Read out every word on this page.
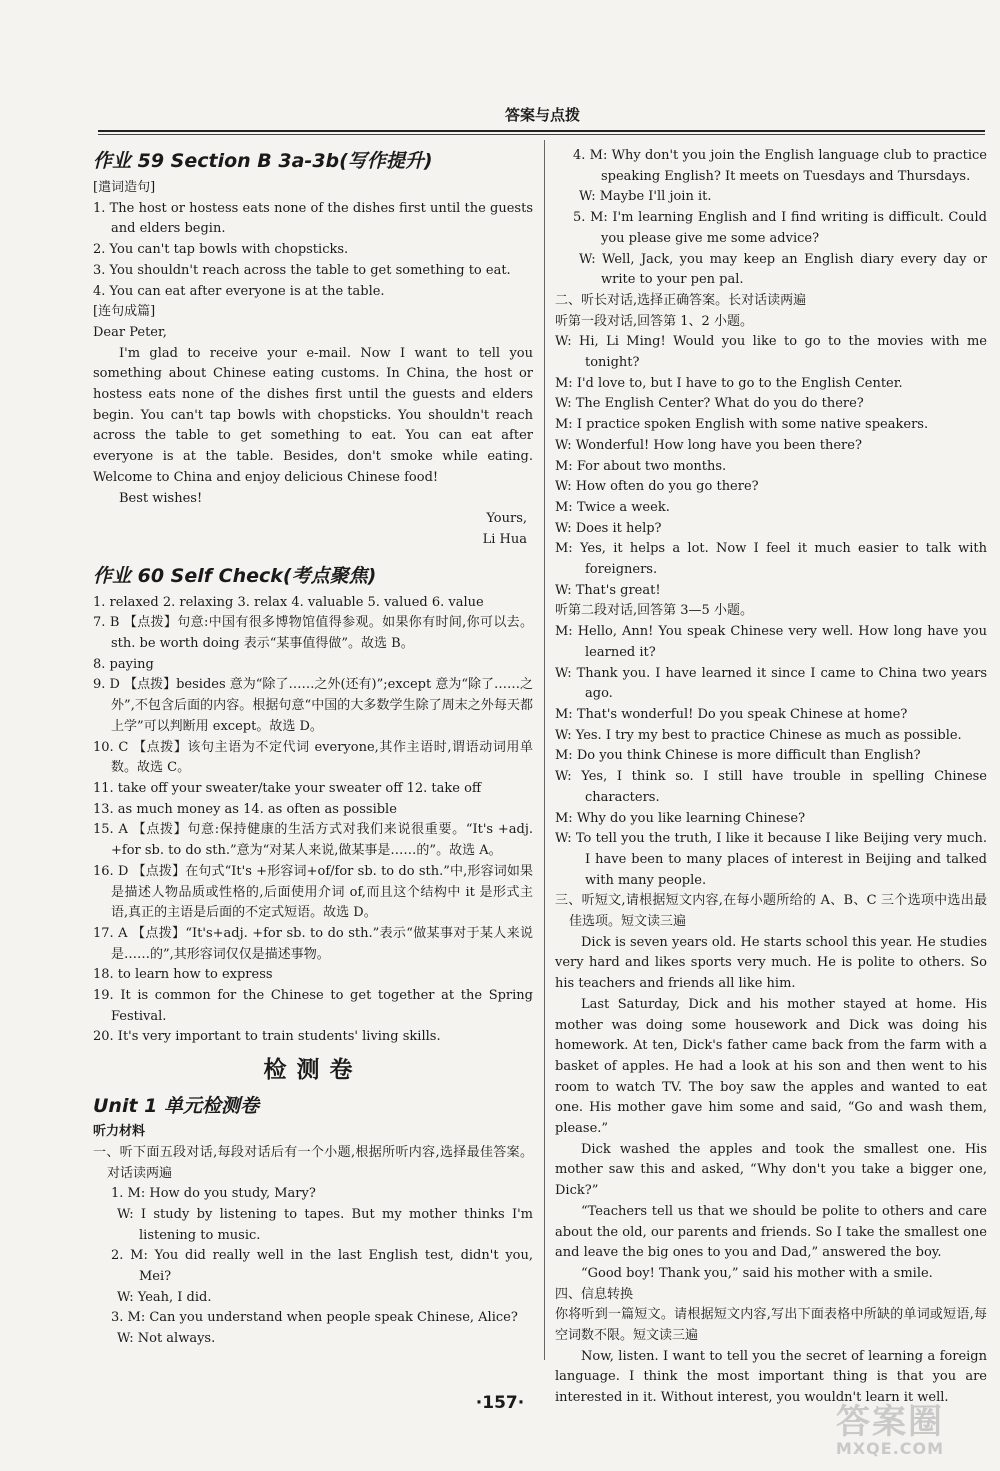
答案与点拨
作业 59 Section B 3a-3b(写作提升)

[遣词造句]

1. The host or hostess eats none of the dishes first until the guests and elders begin.

2. You can't tap bowls with chopsticks.

3. You shouldn't reach across the table to get something to eat.

4. You can eat after everyone is at the table.

[连句成篇]

Dear Peter,

I'm glad to receive your e-mail. Now I want to tell you something about Chinese eating customs. In China, the host or hostess eats none of the dishes first until the guests and elders begin. You can't tap bowls with chopsticks. You shouldn't reach across the table to get something to eat. You can eat after everyone is at the table. Besides, don't smoke while eating. Welcome to China and enjoy delicious Chinese food!

Best wishes!

Yours,

Li Hua

作业 60 Self Check(考点聚焦)

1. relaxed 2. relaxing 3. relax 4. valuable 5. valued 6. value

7. B 【点拨】句意:中国有很多博物馆值得参观。如果你有时间,你可以去。sth. be worth doing 表示“某事值得做”。故选 B。

8. paying

9. D 【点拨】besides 意为“除了……之外(还有)”;except 意为“除了……之外”,不包含后面的内容。根据句意“中国的大多数学生除了周末之外每天都上学”可以判断用 except。故选 D。

10. C 【点拨】该句主语为不定代词 everyone,其作主语时,谓语动词用单数。故选 C。

11. take off your sweater/take your sweater off 12. take off

13. as much money as 14. as often as possible

15. A 【点拨】句意:保持健康的生活方式对我们来说很重要。“It's +adj. +for sb. to do sth.”意为“对某人来说,做某事是……的”。故选 A。

16. D 【点拨】在句式“It's +形容词+of/for sb. to do sth.”中,形容词如果是描述人物品质或性格的,后面使用介词 of,而且这个结构中 it 是形式主语,真正的主语是后面的不定式短语。故选 D。

17. A 【点拨】“It's+adj. +for sb. to do sth.”表示“做某事对于某人来说是……的”,其形容词仅仅是描述事物。

18. to learn how to express

19. It is common for the Chinese to get together at the Spring Festival.

20. It's very important to train students' living skills.

检测卷
Unit 1 单元检测卷

听力材料

一、听下面五段对话,每段对话后有一个小题,根据所听内容,选择最佳答案。对话读两遍

1. M: How do you study, Mary?

W: I study by listening to tapes. But my mother thinks I'm listening to music.

2. M: You did really well in the last English test, didn't you, Mei?

W: Yeah, I did.

3. M: Can you understand when people speak Chinese, Alice?

W: Not always.

4. M: Why don't you join the English language club to practice speaking English? It meets on Tuesdays and Thursdays.

W: Maybe I'll join it.

5. M: I'm learning English and I find writing is difficult. Could you please give me some advice?

W: Well, Jack, you may keep an English diary every day or write to your pen pal.

二、听长对话,选择正确答案。长对话读两遍

听第一段对话,回答第 1、2 小题。

W: Hi, Li Ming! Would you like to go to the movies with me tonight?

M: I'd love to, but I have to go to the English Center.

W: The English Center? What do you do there?

M: I practice spoken English with some native speakers.

W: Wonderful! How long have you been there?

M: For about two months.

W: How often do you go there?

M: Twice a week.

W: Does it help?

M: Yes, it helps a lot. Now I feel it much easier to talk with foreigners.

W: That's great!

听第二段对话,回答第 3—5 小题。

M: Hello, Ann! You speak Chinese very well. How long have you learned it?

W: Thank you. I have learned it since I came to China two years ago.

M: That's wonderful! Do you speak Chinese at home?

W: Yes. I try my best to practice Chinese as much as possible.

M: Do you think Chinese is more difficult than English?

W: Yes, I think so. I still have trouble in spelling Chinese characters.

M: Why do you like learning Chinese?

W: To tell you the truth, I like it because I like Beijing very much. I have been to many places of interest in Beijing and talked with many people.

三、听短文,请根据短文内容,在每小题所给的 A、B、C 三个选项中选出最佳选项。短文读三遍

Dick is seven years old. He starts school this year. He studies very hard and likes sports very much. He is polite to others. So his teachers and friends all like him.

Last Saturday, Dick and his mother stayed at home. His mother was doing some housework and Dick was doing his homework. At ten, Dick's father came back from the farm with a basket of apples. He had a look at his son and then went to his room to watch TV. The boy saw the apples and wanted to eat one. His mother gave him some and said, “Go and wash them, please.”

Dick washed the apples and took the smallest one. His mother saw this and asked, “Why don't you take a bigger one, Dick?”

“Teachers tell us that we should be polite to others and care about the old, our parents and friends. So I take the smallest one and leave the big ones to you and Dad,” answered the boy.

“Good boy! Thank you,” said his mother with a smile.

四、信息转换

你将听到一篇短文。请根据短文内容,写出下面表格中所缺的单词或短语,每空词数不限。短文读三遍

Now, listen. I want to tell you the secret of learning a foreign language. I think the most important thing is that you are interested in it. Without interest, you wouldn't learn it well.

·157·	答案圈
MXQE.COM
